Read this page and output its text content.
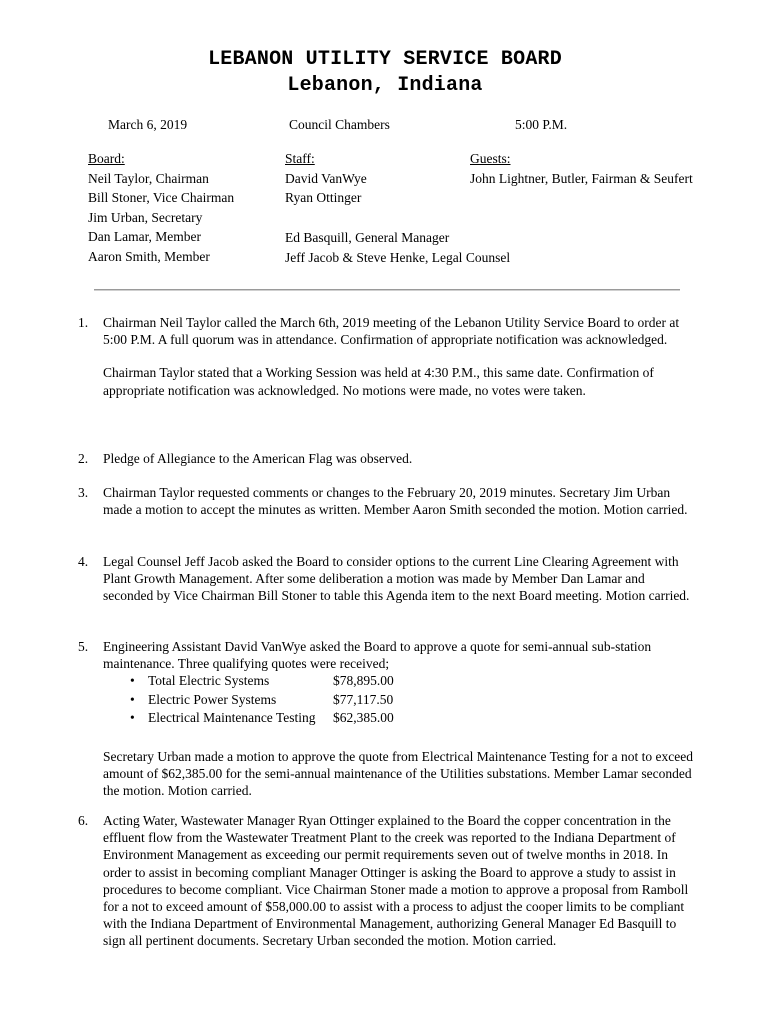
LEBANON UTILITY SERVICE BOARD
Lebanon, Indiana
March 6, 2019	Council Chambers	5:00 P.M.
Board:
Neil Taylor, Chairman
Bill Stoner, Vice Chairman
Jim Urban, Secretary
Dan Lamar, Member
Aaron Smith, Member
Staff:
David VanWye
Ryan Ottinger
Ed Basquill, General Manager
Jeff Jacob & Steve Henke, Legal Counsel
Guests:
John Lightner, Butler, Fairman & Seufert
1.	Chairman Neil Taylor called the March 6th, 2019 meeting of the Lebanon Utility Service Board to order at 5:00 P.M. A full quorum was in attendance. Confirmation of appropriate notification was acknowledged.

Chairman Taylor stated that a Working Session was held at 4:30 P.M., this same date. Confirmation of appropriate notification was acknowledged. No motions were made, no votes were taken.

2.	Pledge of Allegiance to the American Flag was observed.

3.	Chairman Taylor requested comments or changes to the February 20, 2019 minutes. Secretary Jim Urban made a motion to accept the minutes as written. Member Aaron Smith seconded the motion. Motion carried.

4.	Legal Counsel Jeff Jacob asked the Board to consider options to the current Line Clearing Agreement with Plant Growth Management. After some deliberation a motion was made by Member Dan Lamar and seconded by Vice Chairman Bill Stoner to table this Agenda item to the next Board meeting. Motion carried.

5.	Engineering Assistant David VanWye asked the Board to approve a quote for semi-annual sub-station maintenance. Three qualifying quotes were received;

• Total Electric Systems	$78,895.00
• Electric Power Systems	$77,117.50
• Electrical Maintenance Testing $62,385.00

Secretary Urban made a motion to approve the quote from Electrical Maintenance Testing for a not to exceed amount of $62,385.00 for the semi-annual maintenance of the Utilities substations. Member Lamar seconded the motion. Motion carried.

6.	Acting Water, Wastewater Manager Ryan Ottinger explained to the Board the copper concentration in the effluent flow from the Wastewater Treatment Plant to the creek was reported to the Indiana Department of Environment Management as exceeding our permit requirements seven out of twelve months in 2018. In order to assist in becoming compliant Manager Ottinger is asking the Board to approve a study to assist in procedures to become compliant. Vice Chairman Stoner made a motion to approve a proposal from Ramboll for a not to exceed amount of $58,000.00 to assist with a process to adjust the cooper limits to be compliant with the Indiana Department of Environmental Management, authorizing General Manager Ed Basquill to sign all pertinent documents. Secretary Urban seconded the motion. Motion carried.
